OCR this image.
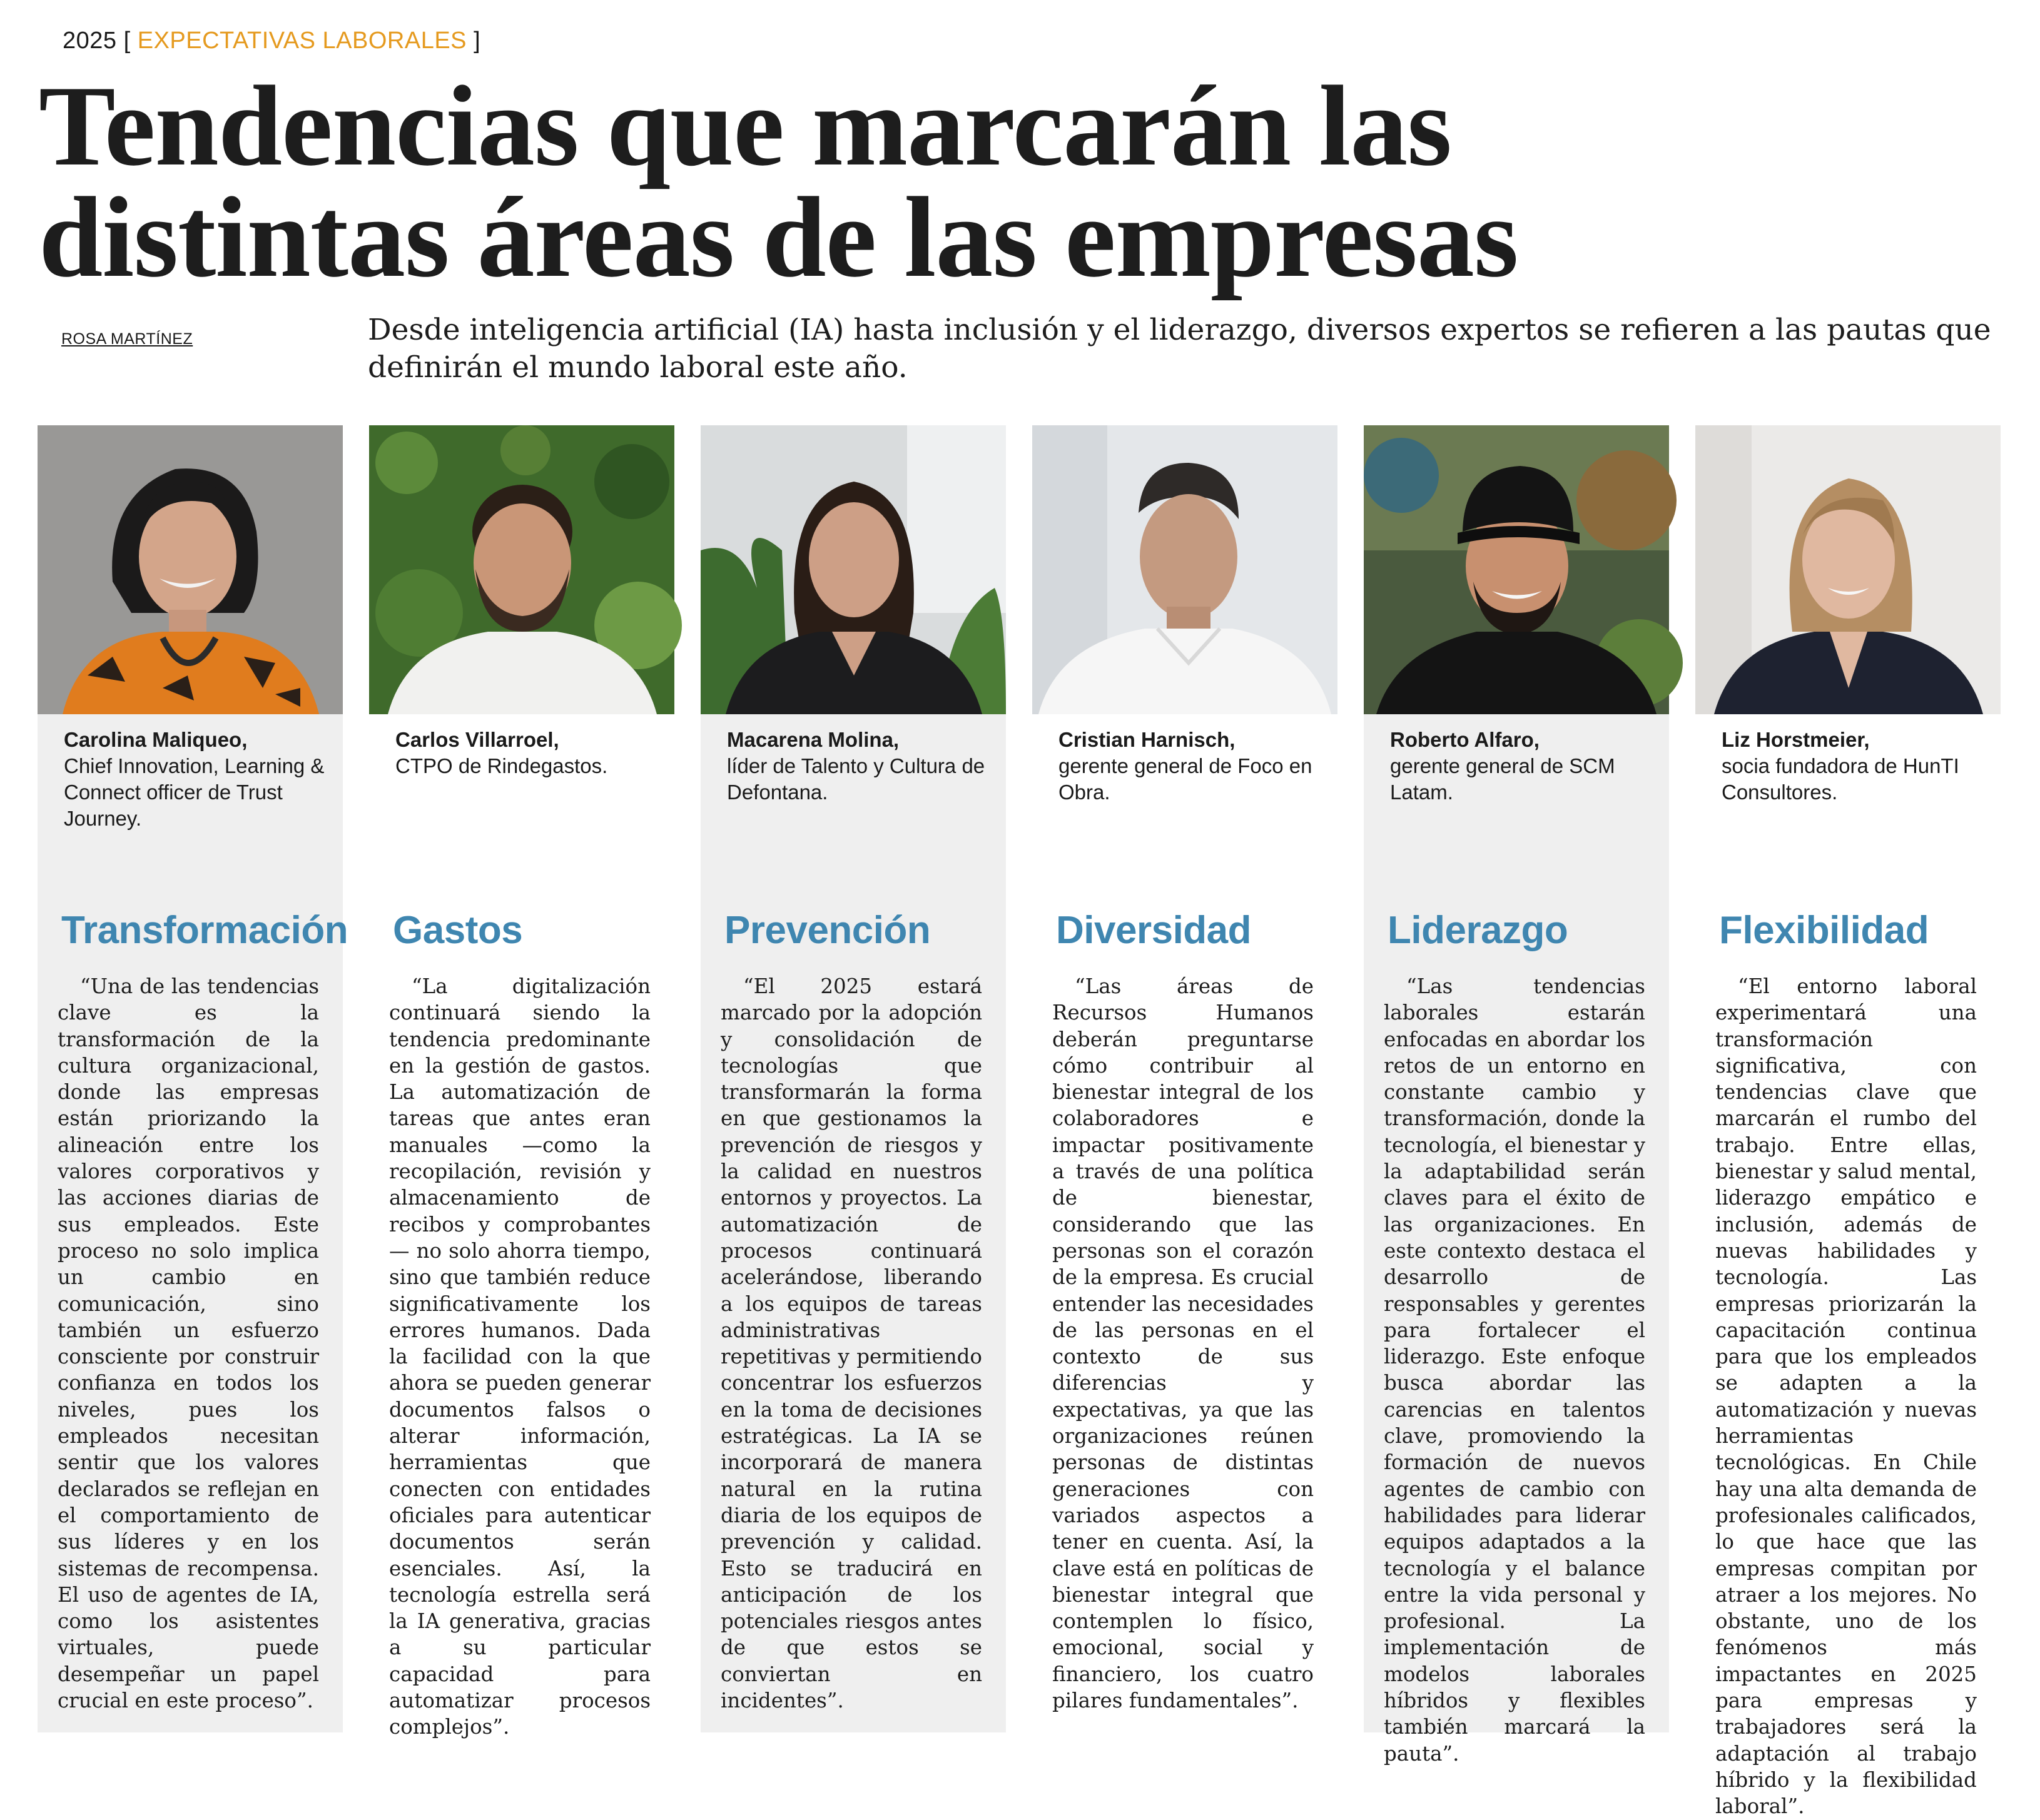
2025 [ EXPECTATIVAS LABORALES ]
Tendencias que marcarán las distintas áreas de las empresas
ROSA MARTÍNEZ	Desde inteligencia artificial (IA) hasta inclusión y el liderazgo, diversos expertos se refieren a las pautas que definirán el mundo laboral este año.

Carolina Maliqueo,
Chief Innovation, Learning & Connect officer de Trust Journey.
Transformación

“Una de las tendencias clave es la transformación de la cultura organizacional, donde las empresas están priorizando la alineación entre los valores corporativos y las acciones diarias de sus empleados. Este proceso no solo implica un cambio en comunicación, sino también un esfuerzo consciente por construir confianza en todos los niveles, pues los empleados necesitan sentir que los valores declarados se reflejan en el comportamiento de sus líderes y en los sistemas de recompensa. El uso de agentes de IA, como los asistentes virtuales, puede desempeñar un papel crucial en este proceso”.

Carlos Villarroel,
CTPO de Rindegastos.
Gastos

“La digitalización continuará siendo la tendencia predominante en la gestión de gastos. La automatización de tareas que antes eran manuales —como la recopilación, revisión y almacenamiento de recibos y comprobantes— no solo ahorra tiempo, sino que también reduce significativamente los errores humanos. Dada la facilidad con la que ahora se pueden generar documentos falsos o alterar información, herramientas que conecten con entidades oficiales para autenticar documentos serán esenciales. Así, la tecnología estrella será la IA generativa, gracias a su particular capacidad para automatizar procesos complejos”.

Macarena Molina,
líder de Talento y Cultura de Defontana.
Prevención

“El 2025 estará marcado por la adopción y consolidación de tecnologías que transformarán la forma en que gestionamos la prevención de riesgos y la calidad en nuestros entornos y proyectos. La automatización de procesos continuará acelerándose, liberando a los equipos de tareas administrativas repetitivas y permitiendo concentrar los esfuerzos en la toma de decisiones estratégicas. La IA se incorporará de manera natural en la rutina diaria de los equipos de prevención y calidad. Esto se traducirá en anticipación de los potenciales riesgos antes de que estos se conviertan en incidentes”.

Cristian Harnisch,
gerente general de Foco en Obra.
Diversidad

“Las áreas de Recursos Humanos deberán preguntarse cómo contribuir al bienestar integral de los colaboradores e impactar positivamente a través de una política de bienestar, considerando que las personas son el corazón de la empresa. Es crucial entender las necesidades de las personas en el contexto de sus diferencias y expectativas, ya que las organizaciones reúnen personas de distintas generaciones con variados aspectos a tener en cuenta. Así, la clave está en políticas de bienestar integral que contemplen lo físico, emocional, social y financiero, los cuatro pilares fundamentales”.

Roberto Alfaro,
gerente general de SCM Latam.
Liderazgo

“Las tendencias laborales estarán enfocadas en abordar los retos de un entorno en constante cambio y transformación, donde la tecnología, el bienestar y la adaptabilidad serán claves para el éxito de las organizaciones. En este contexto destaca el desarrollo de responsables y gerentes para fortalecer el liderazgo. Este enfoque busca abordar las carencias en talentos clave, promoviendo la formación de nuevos agentes de cambio con habilidades para liderar equipos adaptados a la tecnología y el balance entre la vida personal y profesional. La implementación de modelos laborales híbridos y flexibles también marcará la pauta”.

Liz Horstmeier,
socia fundadora de HunTI Consultores.
Flexibilidad

“El entorno laboral experimentará una transformación significativa, con tendencias clave que marcarán el rumbo del trabajo. Entre ellas, bienestar y salud mental, liderazgo empático e inclusión, además de nuevas habilidades y tecnología. Las empresas priorizarán la capacitación continua para que los empleados se adapten a la automatización y nuevas herramientas tecnológicas. En Chile hay una alta demanda de profesionales calificados, lo que hace que las empresas compitan por atraer a los mejores. No obstante, uno de los fenómenos más impactantes en 2025 para empresas y trabajadores será la adaptación al trabajo híbrido y la flexibilidad laboral”.
